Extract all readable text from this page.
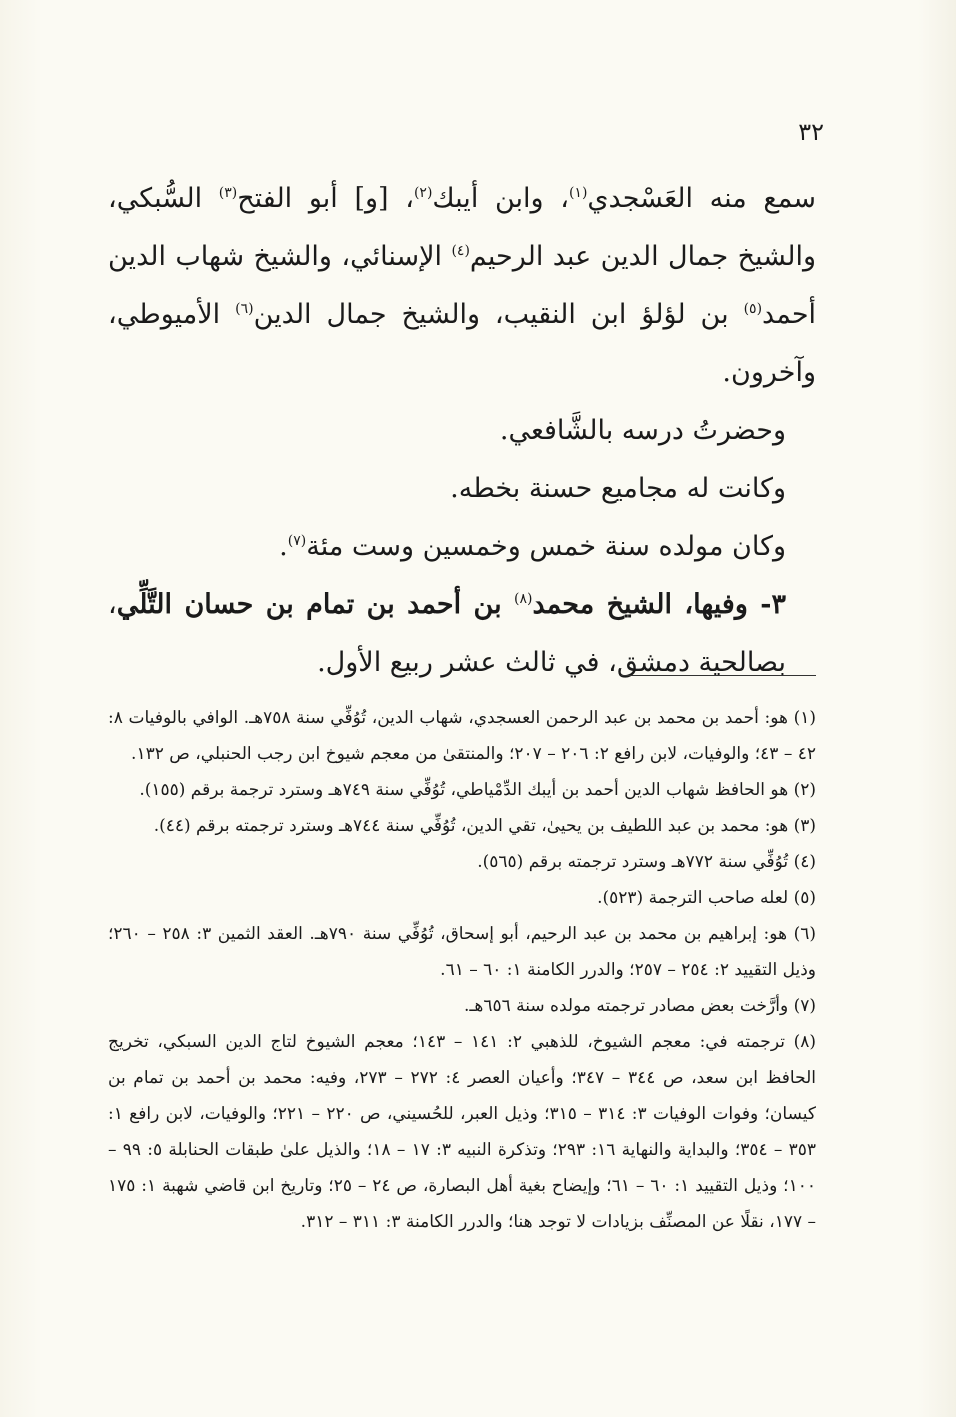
٣٢

سمع منه العَسْجدي$^{(١)}$، وابن أيبك$^{(٢)}$، [و] أبو الفتح$^{(٣)}$ السُّبكي، والشيخ جمال الدين عبد الرحيم$^{(٤)}$ الإسنائي، والشيخ شهاب الدين أحمد$^{(٥)}$ بن لؤلؤ ابن النقيب، والشيخ جمال الدين$^{(٦)}$ الأميوطي، وآخرون.

وحضرتُ درسه بالشَّافعي.

وكانت له مجاميع حسنة بخطه.

وكان مولده سنة خمس وخمسين وست مئة$^{(٧)}$.

٣- وفيها، الشيخ محمد$^{(٨)}$ بن أحمد بن تمام بن حسان التَّلِّي، بصالحية دمشق، في ثالث عشر ربيع الأول.

(١) هو: أحمد بن محمد بن عبد الرحمن العسجدي، شهاب الدين، تُوُفِّي سنة ٧٥٨هـ. الوافي بالوفيات ٨: ٤٢ – ٤٣؛ والوفيات، لابن رافع ٢: ٢٠٦ – ٢٠٧؛ والمنتقىٰ من معجم شيوخ ابن رجب الحنبلي، ص ١٣٢.

(٢) هو الحافظ شهاب الدين أحمد بن أيبك الدِّمْياطي، تُوُفِّي سنة ٧٤٩هـ وسترد ترجمة برقم (١٥٥).

(٣) هو: محمد بن عبد اللطيف بن يحيىٰ، تقي الدين، تُوُفِّي سنة ٧٤٤هـ وسترد ترجمته برقم (٤٤).

(٤) تُوُفِّي سنة ٧٧٢هـ وسترد ترجمته برقم (٥٦٥).

(٥) لعله صاحب الترجمة (٥٢٣).

(٦) هو: إبراهيم بن محمد بن عبد الرحيم، أبو إسحاق، تُوُفِّي سنة ٧٩٠هـ. العقد الثمين ٣: ٢٥٨ – ٢٦٠؛ وذيل التقييد ٢: ٢٥٤ – ٢٥٧؛ والدرر الكامنة ١: ٦٠ – ٦١.

(٧) وأرَّخت بعض مصادر ترجمته مولده سنة ٦٥٦هـ.

(٨) ترجمته في: معجم الشيوخ، للذهبي ٢: ١٤١ – ١٤٣؛ معجم الشيوخ لتاج الدين السبكي، تخريج الحافظ ابن سعد، ص ٣٤٤ – ٣٤٧؛ وأعيان العصر ٤: ٢٧٢ – ٢٧٣، وفيه: محمد بن أحمد بن تمام بن كيسان؛ وفوات الوفيات ٣: ٣١٤ – ٣١٥؛ وذيل العبر، للحُسيني، ص ٢٢٠ – ٢٢١؛ والوفيات، لابن رافع ١: ٣٥٣ – ٣٥٤؛ والبداية والنهاية ١٦: ٢٩٣؛ وتذكرة النبيه ٣: ١٧ – ١٨؛ والذيل علىٰ طبقات الحنابلة ٥: ٩٩ – ١٠٠؛ وذيل التقييد ١: ٦٠ – ٦١؛ وإيضاح بغية أهل البصارة، ص ٢٤ – ٢٥؛ وتاريخ ابن قاضي شهبة ١: ١٧٥ – ١٧٧، نقلًا عن المصنِّف بزيادات لا توجد هنا؛ والدرر الكامنة ٣: ٣١١ – ٣١٢.
